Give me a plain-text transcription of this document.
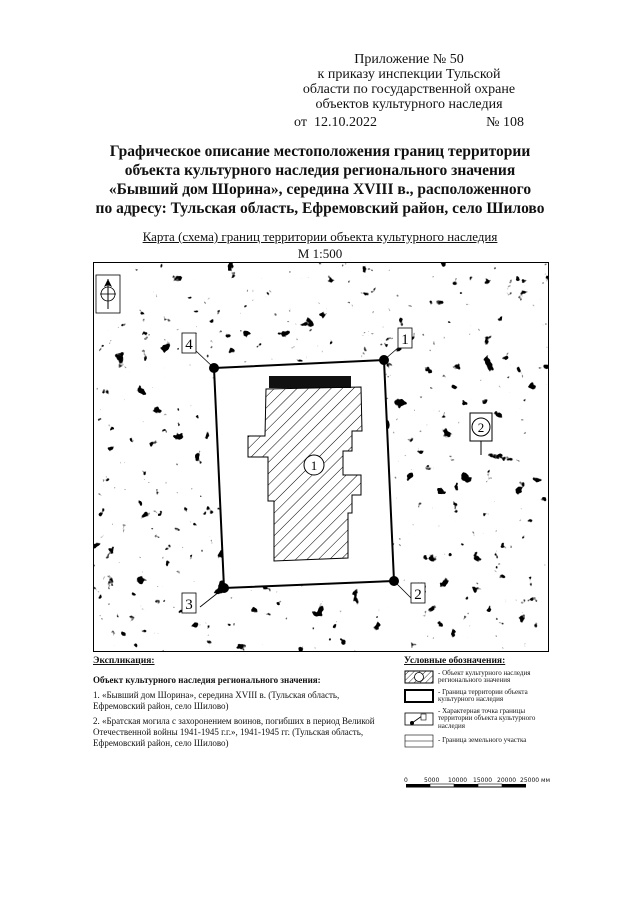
Приложение № 50
к приказу инспекции Тульской
области по государственной охране
объектов культурного наследия
от 12.10.2022	№ 108
Графическое описание местоположения границ территории
объекта культурного наследия регионального значения
«Бывший дом Шорина», середина XVIII в., расположенного
по адресу: Тульская область, Ефремовский район, село Шилово
Карта (схема) границ территории объекта культурного наследия
М 1:500
1
1
2
3
4
2
Экспликация:
Объект культурного наследия регионального значения:

1. «Бывший дом Шорина», середина XVIII в. (Тульская область, Ефремовский район, село Шилово)

2. «Братская могила с захоронением воинов, погибших в период Великой Отечественной войны 1941-1945 г.г.», 1941-1945 гг. (Тульская область, Ефремовский район, село Шилово)

Условные обозначения:
- Объект культурного наследия регионального значения
- Граница территории объекта культурного наследия
- Характерная точка границы территории объекта культурного наследия
- Граница земельного участка
0	5000 10000 15000 20000 25000 мм
